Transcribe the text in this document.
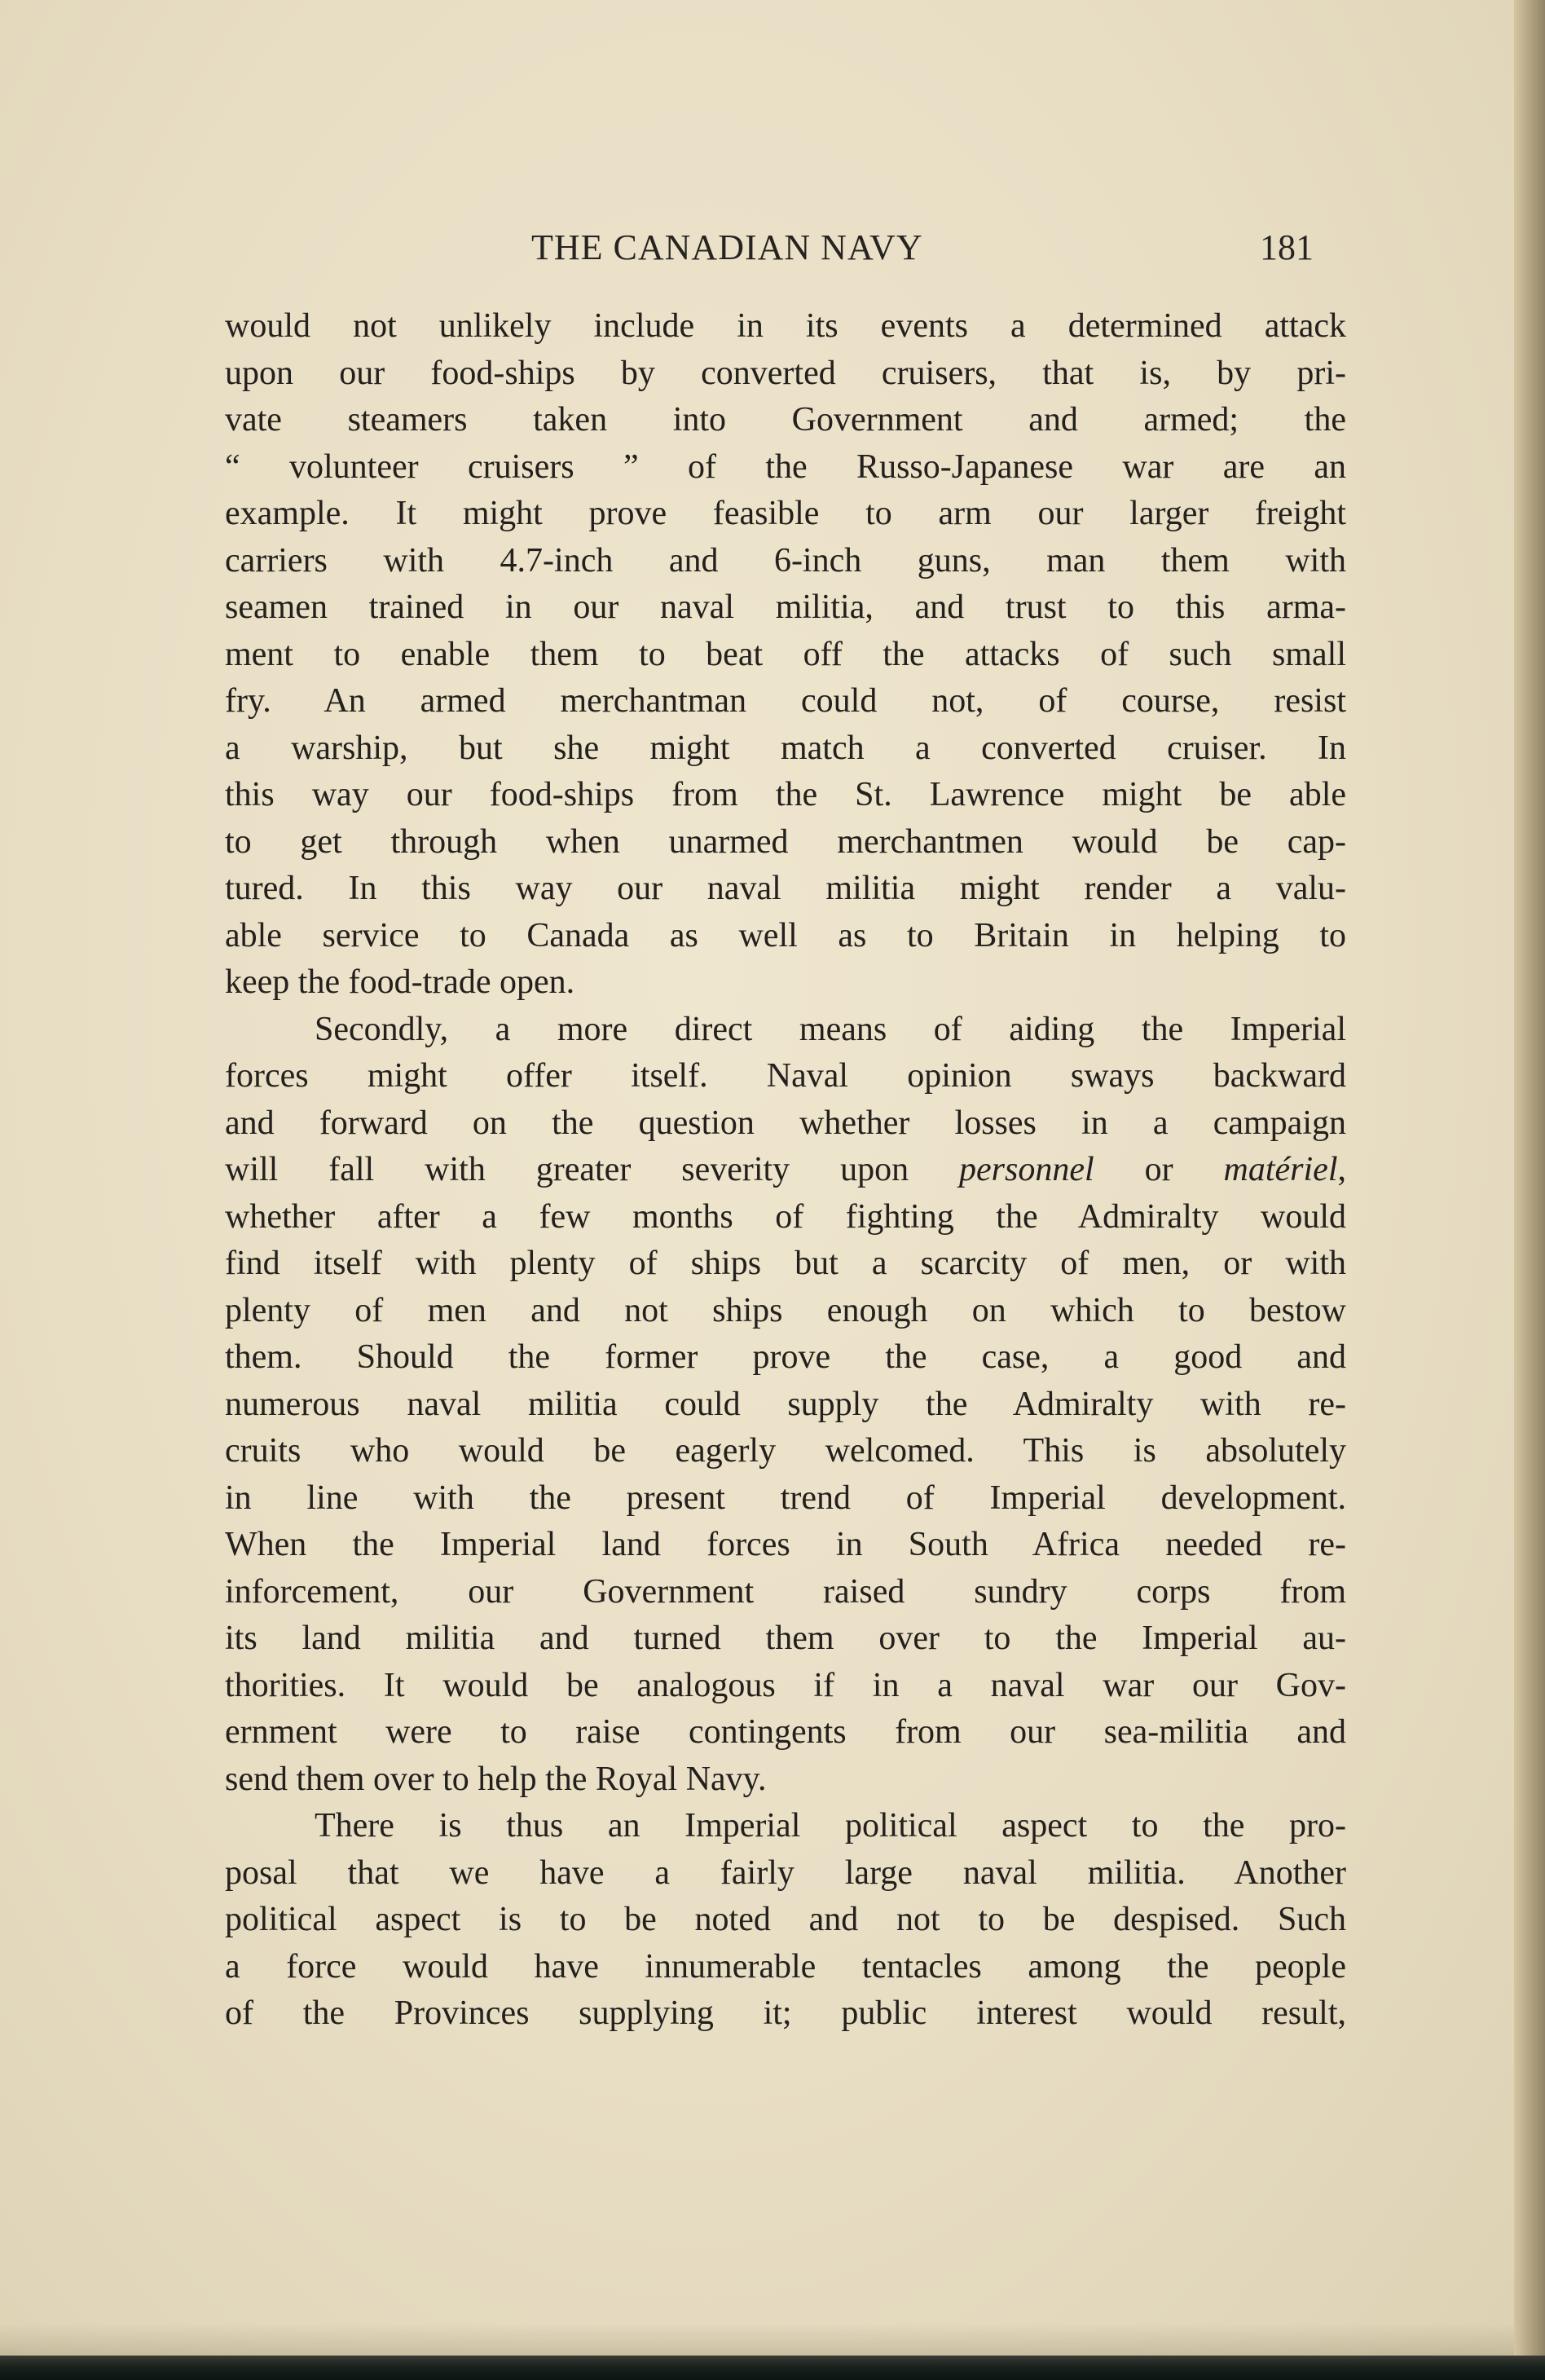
THE CANADIAN NAVY	181
would not unlikely include in its events a determined attack
upon our food-ships by converted cruisers, that is, by pri-
vate steamers taken into Government and armed; the
“ volunteer cruisers ” of the Russo-Japanese war are an
example. It might prove feasible to arm our larger freight
carriers with 4.7-inch and 6-inch guns, man them with
seamen trained in our naval militia, and trust to this arma-
ment to enable them to beat off the attacks of such small
fry. An armed merchantman could not, of course, resist
a warship, but she might match a converted cruiser. In
this way our food-ships from the St. Lawrence might be able
to get through when unarmed merchantmen would be cap-
tured. In this way our naval militia might render a valu-
able service to Canada as well as to Britain in helping to
keep the food-trade open.
Secondly, a more direct means of aiding the Imperial
forces might offer itself. Naval opinion sways backward
and forward on the question whether losses in a campaign
will fall with greater severity upon personnel or matériel,
whether after a few months of fighting the Admiralty would
find itself with plenty of ships but a scarcity of men, or with
plenty of men and not ships enough on which to bestow
them. Should the former prove the case, a good and
numerous naval militia could supply the Admiralty with re-
cruits who would be eagerly welcomed. This is absolutely
in line with the present trend of Imperial development.
When the Imperial land forces in South Africa needed re-
inforcement, our Government raised sundry corps from
its land militia and turned them over to the Imperial au-
thorities. It would be analogous if in a naval war our Gov-
ernment were to raise contingents from our sea-militia and
send them over to help the Royal Navy.
There is thus an Imperial political aspect to the pro-
posal that we have a fairly large naval militia. Another
political aspect is to be noted and not to be despised. Such
a force would have innumerable tentacles among the people
of the Provinces supplying it; public interest would result,
